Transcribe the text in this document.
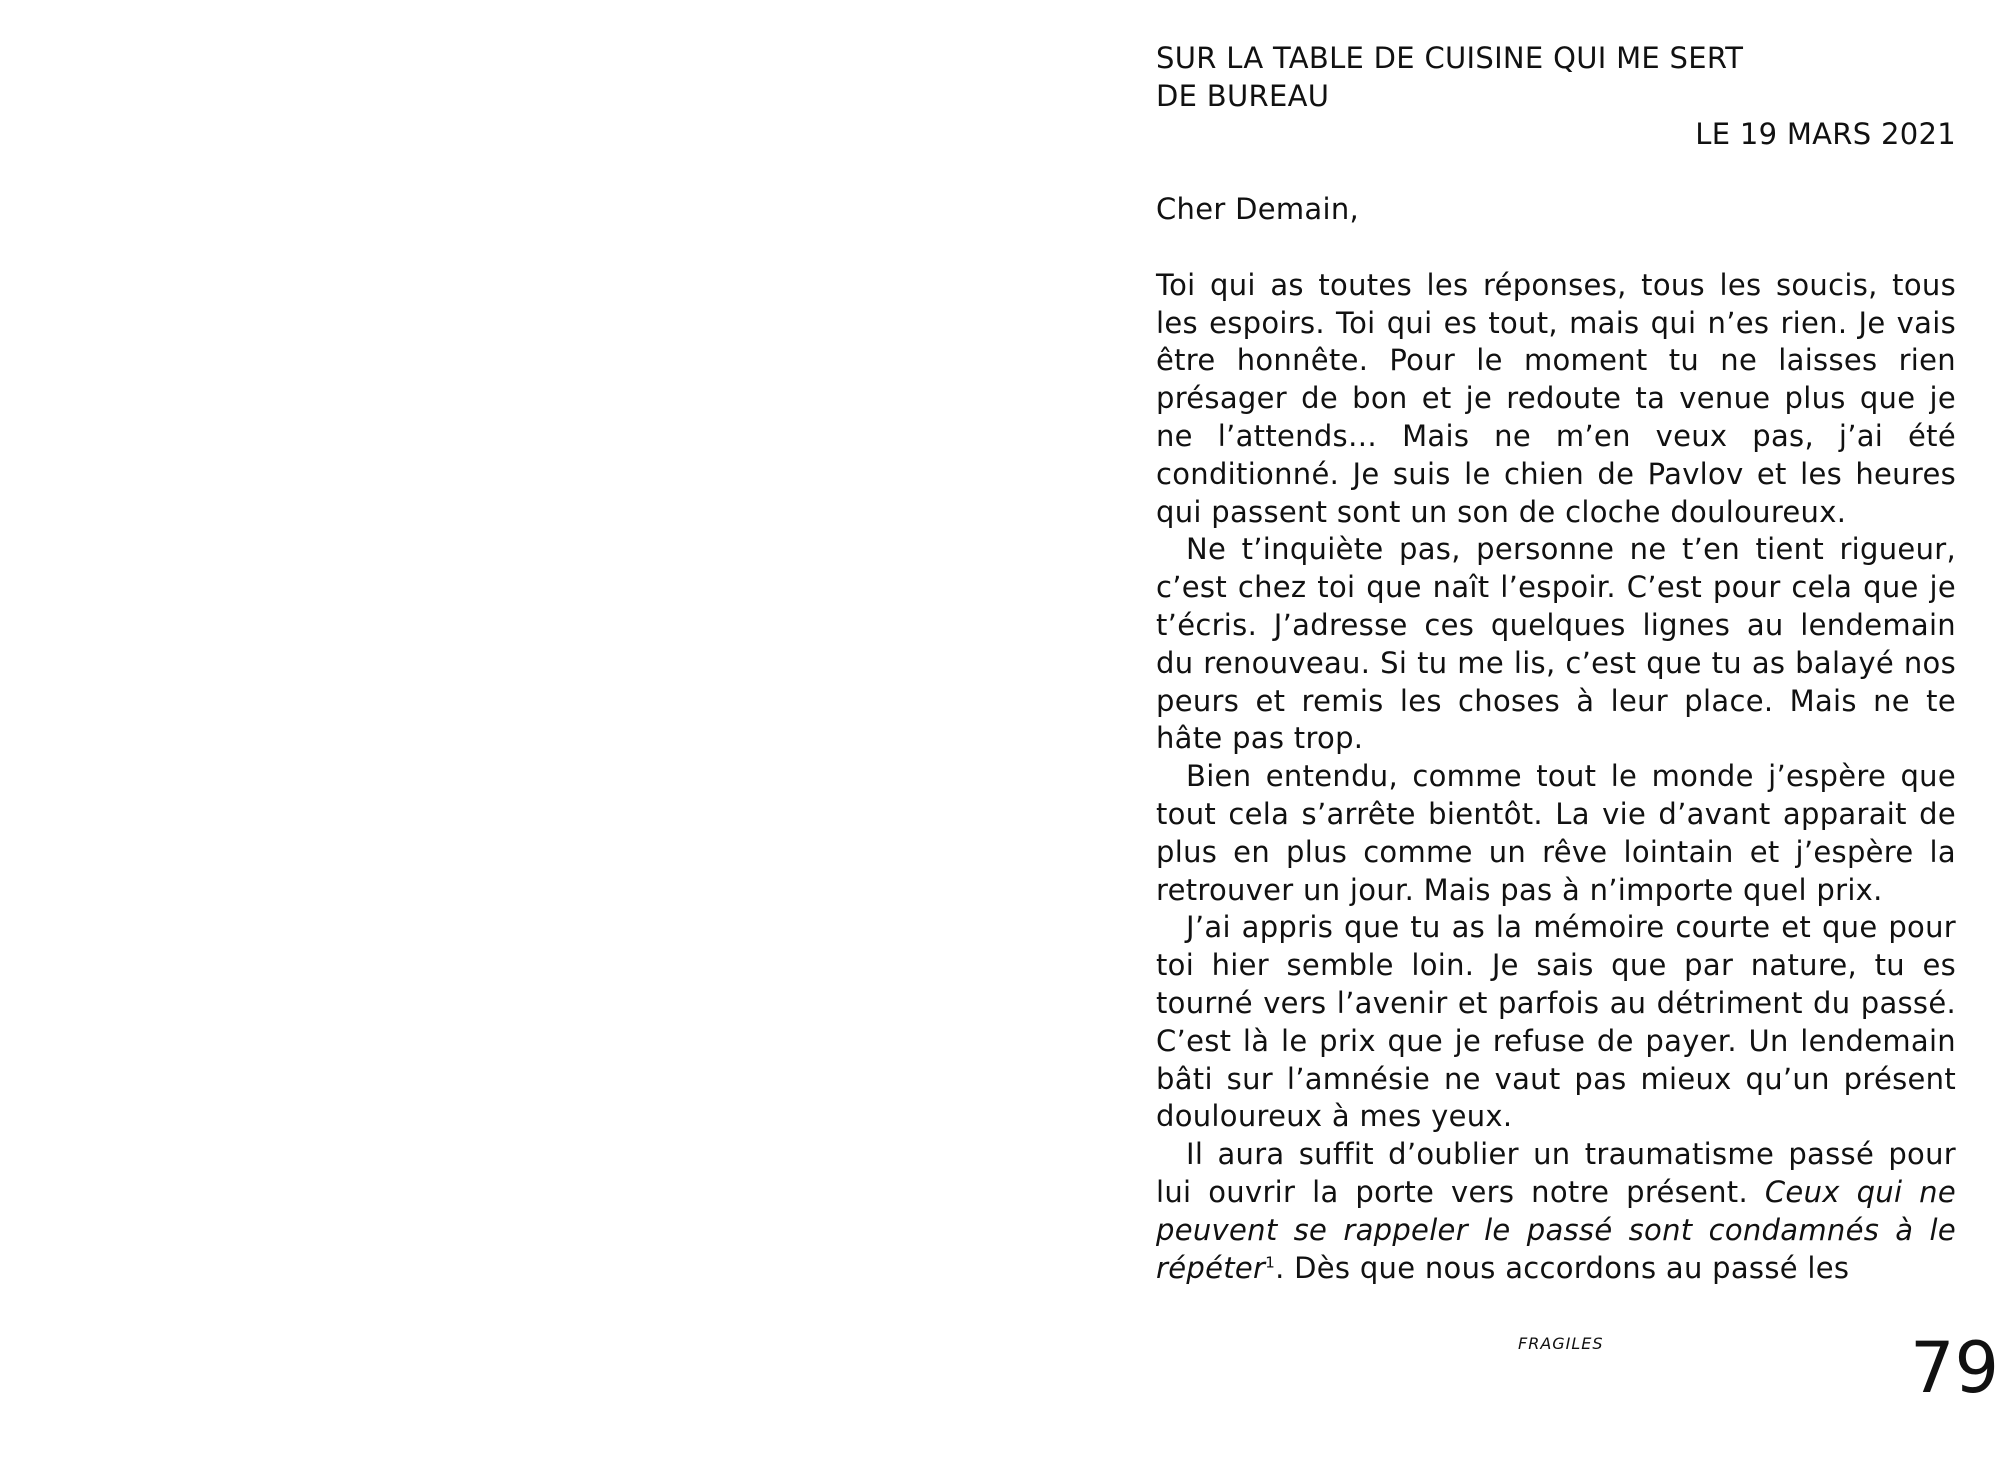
SUR LA TABLE DE CUISINE QUI ME SERT

DE BUREAU

LE 19 MARS 2021

Cher Demain,

Toi qui as toutes les réponses, tous les soucis, tous les espoirs. Toi qui es tout, mais qui n’es rien. Je vais être honnête. Pour le moment tu ne laisses rien présager de bon et je redoute ta venue plus que je ne l’attends… Mais ne m’en veux pas, j’ai été conditionné. Je suis le chien de Pavlov et les heures qui passent sont un son de cloche douloureux.

Ne t’inquiète pas, personne ne t’en tient rigueur, c’est chez toi que naît l’espoir. C’est pour cela que je t’écris. J’adresse ces quelques lignes au lendemain du renouveau. Si tu me lis, c’est que tu as balayé nos peurs et remis les choses à leur place. Mais ne te hâte pas trop.

Bien entendu, comme tout le monde j’espère que tout cela s’arrête bientôt. La vie d’avant apparait de plus en plus comme un rêve lointain et j’espère la retrouver un jour. Mais pas à n’importe quel prix.

J’ai appris que tu as la mémoire courte et que pour toi hier semble loin. Je sais que par nature, tu es tourné vers l’avenir et parfois au détriment du passé. C’est là le prix que je refuse de payer. Un lendemain bâti sur l’amnésie ne vaut pas mieux qu’un présent douloureux à mes yeux.

Il aura suffit d’oublier un traumatisme passé pour lui ouvrir la porte vers notre présent. Ceux qui ne peuvent se rappeler le passé sont condamnés à le répéter$^1$. Dès que nous accordons au passé les

FRAGILES	79
